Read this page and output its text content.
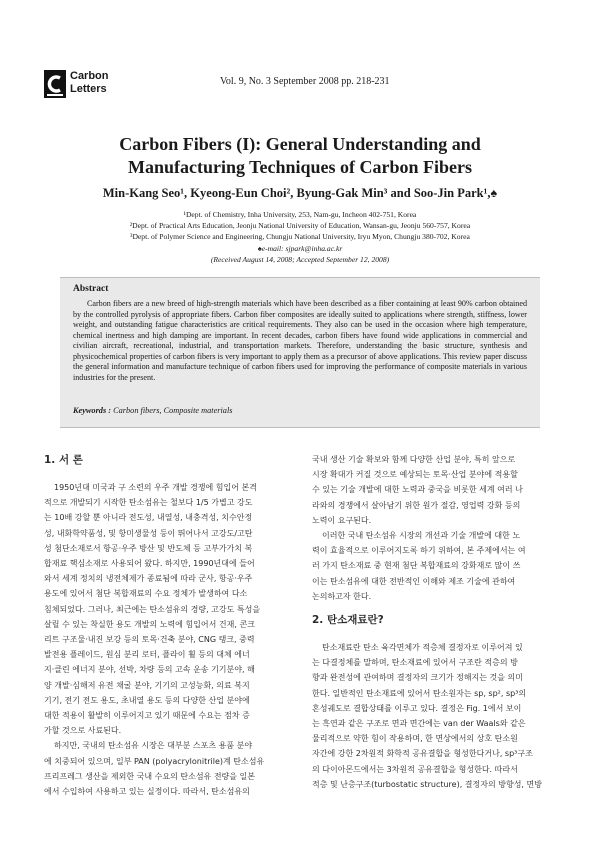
Carbon
Letters
Vol. 9, No. 3 September 2008 pp. 218-231
Carbon Fibers (I): General Understanding and
Manufacturing Techniques of Carbon Fibers
Min-Kang Seo¹, Kyeong-Eun Choi², Byung-Gak Min³ and Soo-Jin Park¹,♠
¹Dept. of Chemistry, Inha University, 253, Nam-gu, Incheon 402-751, Korea
²Dept. of Practical Arts Education, Jeonju National University of Education, Wansan-gu, Jeonju 560-757, Korea
³Dept. of Polymer Science and Engineering, Chungju National University, Iryu Myon, Chungju 380-702, Korea
♠e-mail: sjpark@inha.ac.kr
(Received August 14, 2008; Accepted September 12, 2008)
Abstract

Carbon fibers are a new breed of high-strength materials which have been described as a fiber containing at least 90% carbon obtained by the controlled pyrolysis of appropriate fibers. Carbon fiber composites are ideally suited to applications where strength, stiffness, lower weight, and outstanding fatigue characteristics are critical requirements. They also can be used in the occasion where high temperature, chemical inertness and high damping are important. In recent decades, carbon fibers have found wide applications in commercial and civilian aircraft, recreational, industrial, and transportation markets. Therefore, understanding the basic structure, synthesis and physicochemical properties of carbon fibers is very important to apply them as a precursor of above applications. This review paper discuss the general information and manufacture technique of carbon fibers used for improving the performance of composite materials in various industries for the present.

Keywords : Carbon fibers, Composite materials
1. 서 론
1950년대 미국과 구 소련의 우주 개발 경쟁에 힘입어 본격
적으로 개발되기 시작한 탄소섬유는 철보다 1/5 가볍고 강도
는 10배 강할 뿐 아니라 전도성, 내열성, 내충격성, 치수안정
성, 내화학약품성, 및 항미생물성 등이 뛰어나서 고강도/고탄
성 첨단소재로서 항공·우주 방산 및 반도체 등 고부가가치 복
합재료 핵심소재로 사용되어 왔다. 하지만, 1990년대에 들어
와서 세계 정치의 냉전체제가 종료됨에 따라 군사, 항공·우주
용도에 있어서 첨단 복합재료의 수요 정체가 발생하여 다소
침체되었다. 그러나, 최근에는 탄소섬유의 경량, 고강도 특성을
살릴 수 있는 착실한 용도 개발의 노력에 힘입어서 건재, 콘크
리트 구조물·내진 보강 등의 토목·건축 분야, CNG 탱크, 중력
발전용 플레이드, 원심 분리 로터, 플라이 휠 등의 대체 에너
지·클린 에너지 분야, 선박, 차량 등의 고속 운송 기기분야, 해
양 개발·심해저 유전 채굴 분야, 기기의 고성능화, 의료 복지
기기, 전기 전도 용도, 초내열 용도 등의 다양한 산업 분야에
대한 적용이 활발히 이루어지고 있기 때문에 수요는 점차 증
가할 것으로 사료된다.
하지만, 국내의 탄소섬유 시장은 대부분 스포츠 용품 분야
에 치중되어 있으며, 일부 PAN (polyacrylonitrile)계 탄소섬유
프리프레그 생산을 제외한 국내 수요의 탄소섬유 전량을 일본
에서 수입하여 사용하고 있는 실정이다. 따라서, 탄소섬유의
국내 생산 기술 확보와 함께 다양한 산업 분야, 특히 앞으로
시장 확대가 커질 것으로 예상되는 토목·산업 분야에 적용할
수 있는 기술 개발에 대한 노력과 중국을 비롯한 세계 여러 나
라와의 경쟁에서 살아남기 위한 원가 절감, 영업력 강화 등의
노력이 요구된다.
이러한 국내 탄소섬유 시장의 개선과 기술 개발에 대한 노
력이 효율적으로 이루어지도록 하기 위하여, 본 주제에서는 여
러 가지 탄소재료 중 현재 첨단 복합재료의 강화재로 많이 쓰
이는 탄소섬유에 대한 전반적인 이해와 제조 기술에 관하여
논의하고자 한다.
2. 탄소재료란?
탄소재료란 탄소 육각면체가 적층체 결정자로 이루어져 있
는 다결정체를 말하며, 탄소재료에 있어서 구조란 적층의 방
향과 완전성에 관여하며 결정자의 크기가 정해지는 것을 의미
한다. 일반적인 탄소재료에 있어서 탄소원자는 sp, sp², sp³의
혼성궤도로 결합상태를 이루고 있다. 결정은 Fig. 1에서 보이
는 흑연과 같은 구조로 면과 면간에는 van der Waals와 같은
물리적으로 약한 힘이 작용하며, 한 면상에서의 상호 탄소원
자간에 강한 2차원적 화학적 공유결합을 형성한다거나, sp³구조
의 다이아몬드에서는 3차원적 공유결합을 형성한다. 따라서
적층 및 난층구조(turbostatic structure), 결정자의 방향성, 면방
